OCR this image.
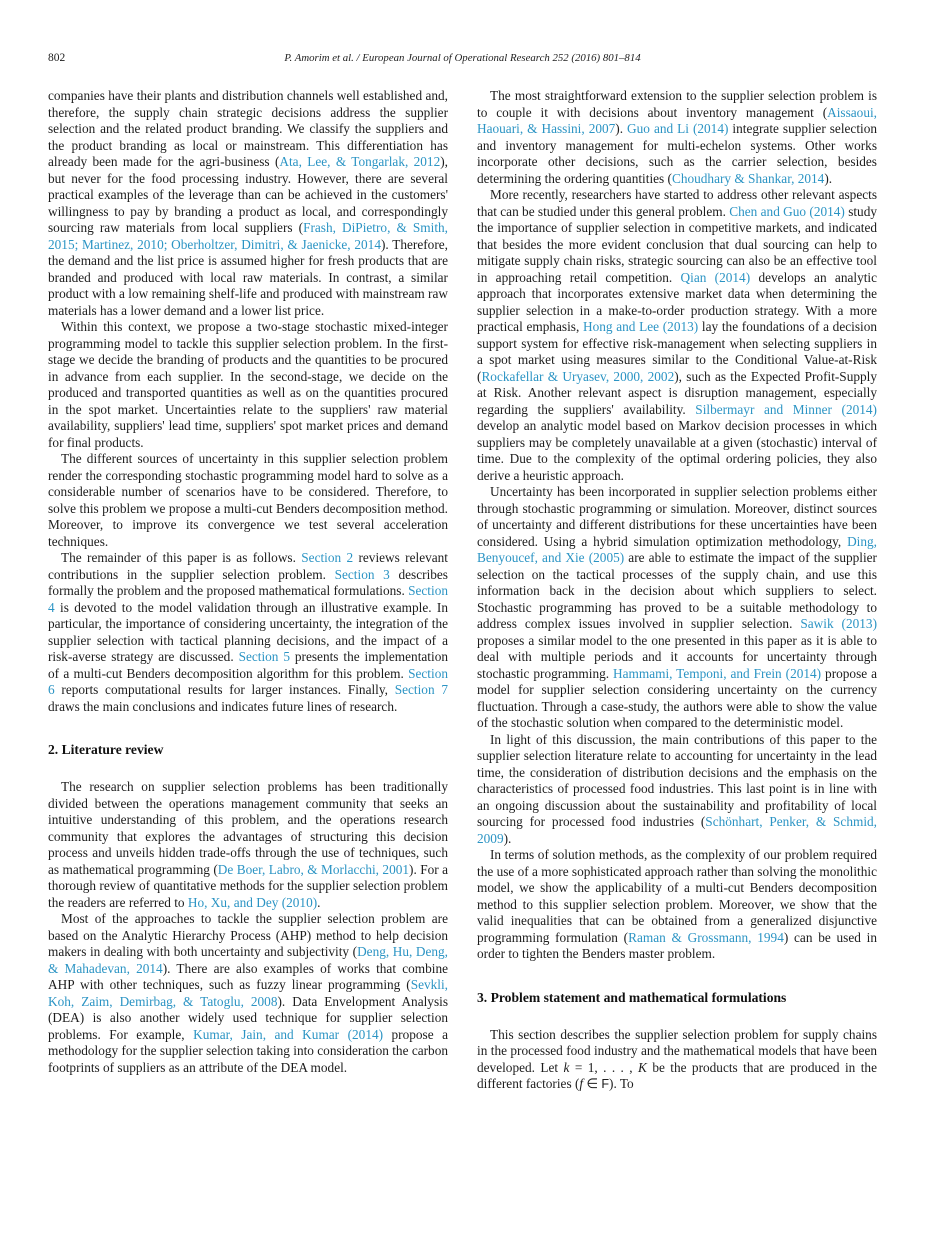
802	P. Amorim et al. / European Journal of Operational Research 252 (2016) 801–814

companies have their plants and distribution channels well established and, therefore, the supply chain strategic decisions address the supplier selection and the related product branding. We classify the suppliers and the product branding as local or mainstream. This differentiation has already been made for the agri-business (Ata, Lee, & Tongarlak, 2012), but never for the food processing industry. However, there are several practical examples of the leverage than can be achieved in the customers' willingness to pay by branding a product as local, and correspondingly sourcing raw materials from local suppliers (Frash, DiPietro, & Smith, 2015; Martinez, 2010; Oberholtzer, Dimitri, & Jaenicke, 2014). Therefore, the demand and the list price is assumed higher for fresh products that are branded and produced with local raw materials. In contrast, a similar product with a low remaining shelf-life and produced with mainstream raw materials has a lower demand and a lower list price.

Within this context, we propose a two-stage stochastic mixed-integer programming model to tackle this supplier selection problem. In the first-stage we decide the branding of products and the quantities to be procured in advance from each supplier. In the second-stage, we decide on the produced and transported quantities as well as on the quantities procured in the spot market. Uncertainties relate to the suppliers' raw material availability, suppliers' lead time, suppliers' spot market prices and demand for final products.

The different sources of uncertainty in this supplier selection problem render the corresponding stochastic programming model hard to solve as a considerable number of scenarios have to be considered. Therefore, to solve this problem we propose a multi-cut Benders decomposition method. Moreover, to improve its convergence we test several acceleration techniques.

The remainder of this paper is as follows. Section 2 reviews relevant contributions in the supplier selection problem. Section 3 describes formally the problem and the proposed mathematical formulations. Section 4 is devoted to the model validation through an illustrative example. In particular, the importance of considering uncertainty, the integration of the supplier selection with tactical planning decisions, and the impact of a risk-averse strategy are discussed. Section 5 presents the implementation of a multi-cut Benders decomposition algorithm for this problem. Section 6 reports computational results for larger instances. Finally, Section 7 draws the main conclusions and indicates future lines of research.

2. Literature review

The research on supplier selection problems has been traditionally divided between the operations management community that seeks an intuitive understanding of this problem, and the operations research community that explores the advantages of structuring this decision process and unveils hidden trade-offs through the use of techniques, such as mathematical programming (De Boer, Labro, & Morlacchi, 2001). For a thorough review of quantitative methods for the supplier selection problem the readers are referred to Ho, Xu, and Dey (2010).

Most of the approaches to tackle the supplier selection problem are based on the Analytic Hierarchy Process (AHP) method to help decision makers in dealing with both uncertainty and subjectivity (Deng, Hu, Deng, & Mahadevan, 2014). There are also examples of works that combine AHP with other techniques, such as fuzzy linear programming (Sevkli, Koh, Zaim, Demirbag, & Tatoglu, 2008). Data Envelopment Analysis (DEA) is also another widely used technique for supplier selection problems. For example, Kumar, Jain, and Kumar (2014) propose a methodology for the supplier selection taking into consideration the carbon footprints of suppliers as an attribute of the DEA model.

The most straightforward extension to the supplier selection problem is to couple it with decisions about inventory management (Aissaoui, Haouari, & Hassini, 2007). Guo and Li (2014) integrate supplier selection and inventory management for multi-echelon systems. Other works incorporate other decisions, such as the carrier selection, besides determining the ordering quantities (Choudhary & Shankar, 2014).

More recently, researchers have started to address other relevant aspects that can be studied under this general problem. Chen and Guo (2014) study the importance of supplier selection in competitive markets, and indicated that besides the more evident conclusion that dual sourcing can help to mitigate supply chain risks, strategic sourcing can also be an effective tool in approaching retail competition. Qian (2014) develops an analytic approach that incorporates extensive market data when determining the supplier selection in a make-to-order production strategy. With a more practical emphasis, Hong and Lee (2013) lay the foundations of a decision support system for effective risk-management when selecting suppliers in a spot market using measures similar to the Conditional Value-at-Risk (Rockafellar & Uryasev, 2000, 2002), such as the Expected Profit-Supply at Risk. Another relevant aspect is disruption management, especially regarding the suppliers' availability. Silbermayr and Minner (2014) develop an analytic model based on Markov decision processes in which suppliers may be completely unavailable at a given (stochastic) interval of time. Due to the complexity of the optimal ordering policies, they also derive a heuristic approach.

Uncertainty has been incorporated in supplier selection problems either through stochastic programming or simulation. Moreover, distinct sources of uncertainty and different distributions for these uncertainties have been considered. Using a hybrid simulation optimization methodology, Ding, Benyoucef, and Xie (2005) are able to estimate the impact of the supplier selection on the tactical processes of the supply chain, and use this information back in the decision about which suppliers to select. Stochastic programming has proved to be a suitable methodology to address complex issues involved in supplier selection. Sawik (2013) proposes a similar model to the one presented in this paper as it is able to deal with multiple periods and it accounts for uncertainty through stochastic programming. Hammami, Temponi, and Frein (2014) propose a model for supplier selection considering uncertainty on the currency fluctuation. Through a case-study, the authors were able to show the value of the stochastic solution when compared to the deterministic model.

In light of this discussion, the main contributions of this paper to the supplier selection literature relate to accounting for uncertainty in the lead time, the consideration of distribution decisions and the emphasis on the characteristics of processed food industries. This last point is in line with an ongoing discussion about the sustainability and profitability of local sourcing for processed food industries (Schönhart, Penker, & Schmid, 2009).

In terms of solution methods, as the complexity of our problem required the use of a more sophisticated approach rather than solving the monolithic model, we show the applicability of a multi-cut Benders decomposition method to this supplier selection problem. Moreover, we show that the valid inequalities that can be obtained from a generalized disjunctive programming formulation (Raman & Grossmann, 1994) can be used in order to tighten the Benders master problem.

3. Problem statement and mathematical formulations

This section describes the supplier selection problem for supply chains in the processed food industry and the mathematical models that have been developed. Let k = 1, . . . , K be the products that are produced in the different factories (f ∈ F). To
